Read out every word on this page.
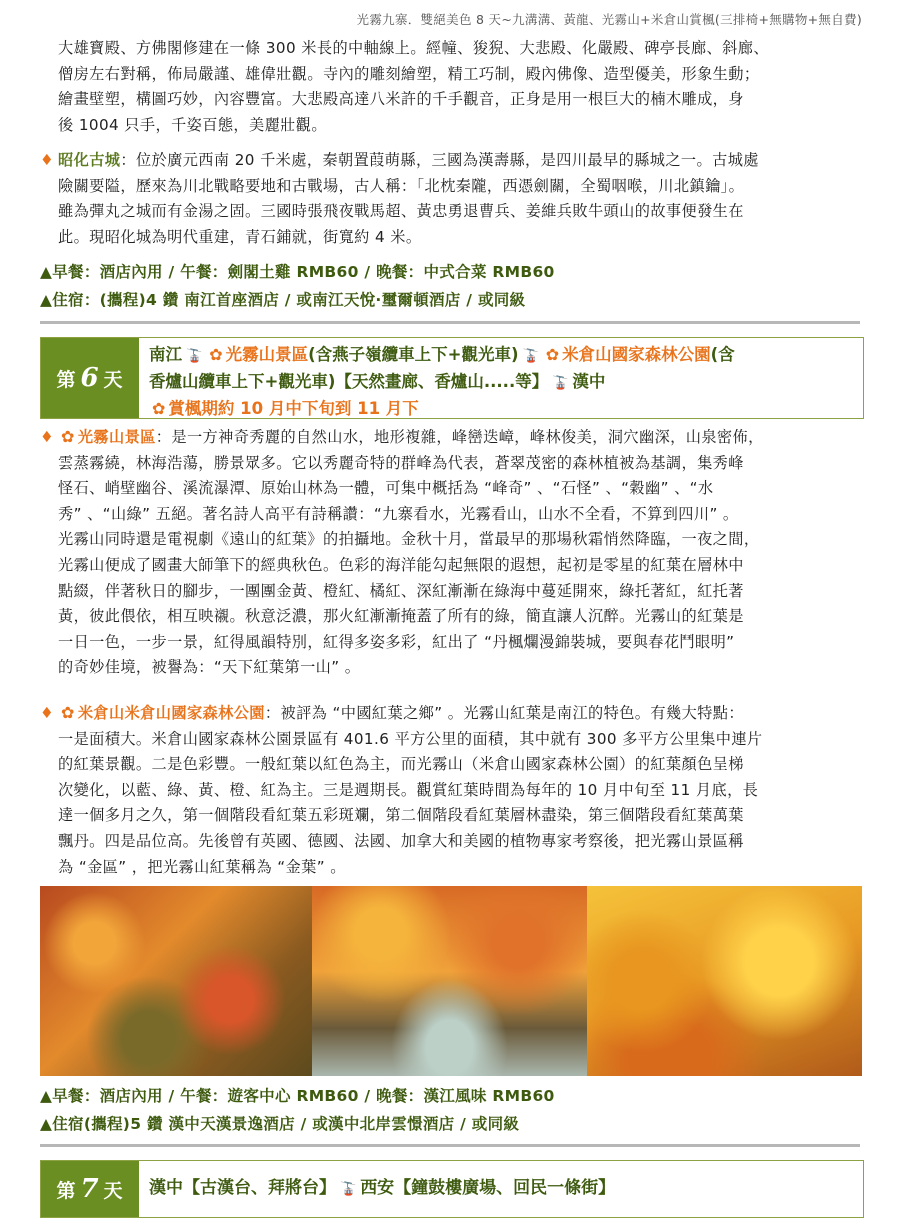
光霧九寨．雙絕美色 8 天~九溝溝、黃龍、光霧山+米倉山賞楓(三排椅+無購物+無自費)
大雄寶殿、方佛閣修建在一條 300 米長的中軸線上。經幢、狻猊、大悲殿、化嚴殿、碑亭長廊、斜廊、
僧房左右對稱，佈局嚴謹、雄偉壯觀。寺內的雕刻繪塑，精工巧制，殿內佛像、造型優美，形象生動；
繪畫壁塑，構圖巧妙，內容豐富。大悲殿高達八米許的千手觀音，正身是用一根巨大的楠木雕成，身
後 1004 只手，千姿百態，美麗壯觀。
♦ 昭化古城：位於廣元西南 20 千米處，秦朝置葭萌縣，三國為漢壽縣，是四川最早的縣城之一。古城處
險關要隘，歷來為川北戰略要地和古戰場，古人稱：「北枕秦隴，西憑劍關，全蜀咽喉，川北鎮鑰」。
雖為彈丸之城而有金湯之固。三國時張飛夜戰馬超、黃忠勇退曹兵、姜維兵敗牛頭山的故事便發生在
此。現昭化城為明代重建，青石鋪就，街寬約 4 米。
▲早餐：酒店內用 / 午餐：劍閣土雞 RMB60 / 晚餐：中式合菜 RMB60
▲住宿：(攜程)4 鑽 南江首座酒店 / 或南江天悅·璽爾頓酒店 / 或同級
第 6 天
南江 🚡 ✿ 光霧山景區(含燕子嶺纜車上下+觀光車) 🚡 ✿ 米倉山國家森林公園(含
香爐山纜車上下+觀光車)【天然畫廊、香爐山.....等】 🚡 漢中
✿ 賞楓期約 10 月中下旬到 11 月下
♦ ✿ 光霧山景區：是一方神奇秀麗的自然山水，地形複雜，峰巒迭嶂，峰林俊美，洞穴幽深，山泉密佈，
雲蒸霧繞，林海浩蕩，勝景眾多。它以秀麗奇特的群峰為代表，蒼翠茂密的森林植被為基調，集秀峰
怪石、峭壁幽谷、溪流瀑潭、原始山林為一體，可集中概括為 “峰奇” 、“石怪” 、“穀幽” 、“水
秀” 、“山綠” 五絕。著名詩人高平有詩稱讚：“九寨看水，光霧看山，山水不全看，不算到四川” 。
光霧山同時還是電視劇《遠山的紅葉》的拍攝地。金秋十月，當最早的那場秋霜悄然降臨，一夜之間，
光霧山便成了國畫大師筆下的經典秋色。色彩的海洋能勾起無限的遐想，起初是零星的紅葉在層林中
點綴，伴著秋日的腳步，一團團金黃、橙紅、橘紅、深紅漸漸在綠海中蔓延開來，綠托著紅，紅托著
黃，彼此偎依，相互映襯。秋意泛濃，那火紅漸漸掩蓋了所有的綠，簡直讓人沉醉。光霧山的紅葉是
一日一色，一步一景，紅得風韻特別，紅得多姿多彩，紅出了 “丹楓爛漫錦裝城，要與春花鬥眼明”
的奇妙佳境，被譽為：“天下紅葉第一山” 。
♦ ✿ 米倉山米倉山國家森林公園：被評為 “中國紅葉之鄉” 。光霧山紅葉是南江的特色。有幾大特點：
一是面積大。米倉山國家森林公園景區有 401.6 平方公里的面積，其中就有 300 多平方公里集中連片
的紅葉景觀。二是色彩豐。一般紅葉以紅色為主，而光霧山（米倉山國家森林公園）的紅葉顏色呈梯
次變化，以藍、綠、黃、橙、紅為主。三是週期長。觀賞紅葉時間為每年的 10 月中旬至 11 月底，長
達一個多月之久，第一個階段看紅葉五彩斑斕，第二個階段看紅葉層林盡染，第三個階段看紅葉萬葉
飄丹。四是品位高。先後曾有英國、德國、法國、加拿大和美國的植物專家考察後，把光霧山景區稱
為 “金區” ，把光霧山紅葉稱為 “金葉” 。
▲早餐：酒店內用 / 午餐：遊客中心 RMB60 / 晚餐：漢江風味 RMB60
▲住宿(攜程)5 鑽 漢中天漢景逸酒店 / 或漢中北岸雲憬酒店 / 或同級
第 7 天 漢中【古漢台、拜將台】 🚡 西安【鐘鼓樓廣場、回民一條街】
